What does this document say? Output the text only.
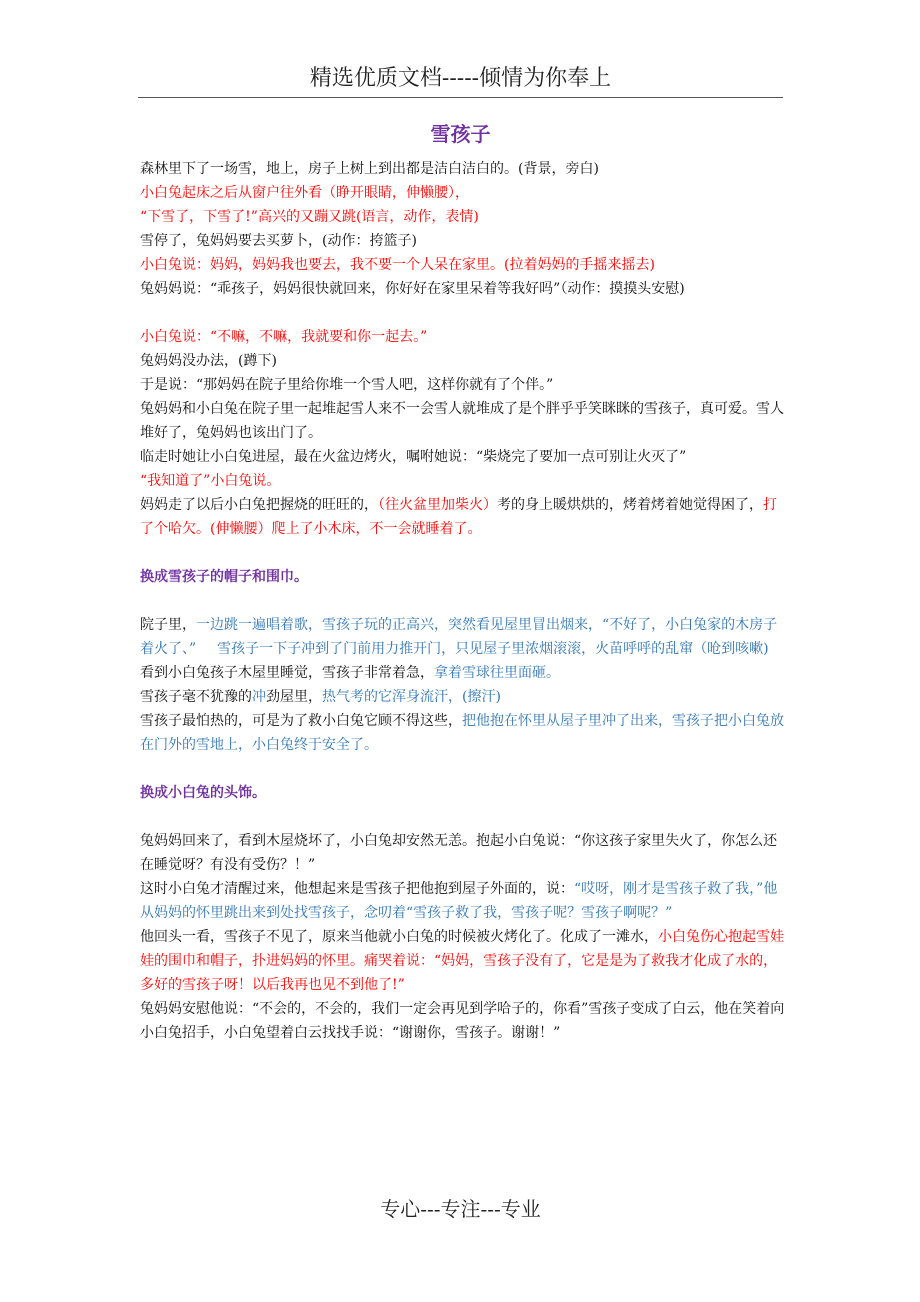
精选优质文档-----倾情为你奉上
雪孩子

森林里下了一场雪，地上，房子上树上到出都是洁白洁白的。(背景，旁白)

小白兔起床之后从窗户往外看（睁开眼睛，伸懒腰），

“下雪了，下雪了!”高兴的又蹦又跳(语言，动作，表情)

雪停了，兔妈妈要去买萝卜，(动作：挎篮子)

小白兔说：妈妈，妈妈我也要去，我不要一个人呆在家里。(拉着妈妈的手摇来摇去)

兔妈妈说：“乖孩子，妈妈很快就回来，你好好在家里呆着等我好吗”（动作：摸摸头安慰)

小白兔说：“不嘛，不嘛，我就要和你一起去。”

兔妈妈没办法，(蹲下)

于是说：“那妈妈在院子里给你堆一个雪人吧，这样你就有了个伴。”

兔妈妈和小白兔在院子里一起堆起雪人来不一会雪人就堆成了是个胖乎乎笑眯眯的雪孩子，真可爱。雪人堆好了，兔妈妈也该出门了。

临走时她让小白兔进屋，最在火盆边烤火，嘱咐她说：“柴烧完了要加一点可别让火灭了”

“我知道了”小白兔说。

妈妈走了以后小白兔把握烧的旺旺的，（往火盆里加柴火）考的身上暖烘烘的，烤着烤着她觉得困了，打了个哈欠。(伸懒腰）爬上了小木床，不一会就睡着了。

换成雪孩子的帽子和围巾。

院子里，一边跳一遍唱着歌，雪孩子玩的正高兴，突然看见屋里冒出烟来，“不好了，小白兔家的木房子着火了、”　  雪孩子一下子冲到了门前用力推开门，只见屋子里浓烟滚滚，火苗呼呼的乱窜（呛到咳嗽)

看到小白兔孩子木屋里睡觉，雪孩子非常着急，拿着雪球往里面砸。

雪孩子毫不犹豫的冲劲屋里，热气考的它浑身流汗，(擦汗)

雪孩子最怕热的，可是为了救小白兔它顾不得这些，把他抱在怀里从屋子里冲了出来，雪孩子把小白兔放在门外的雪地上，小白兔终于安全了。

换成小白兔的头饰。

兔妈妈回来了，看到木屋烧坏了，小白兔却安然无恙。抱起小白兔说：“你这孩子家里失火了，你怎么还在睡觉呀？有没有受伤？！”

这时小白兔才清醒过来，他想起来是雪孩子把他抱到屋子外面的，说：“哎呀，刚才是雪孩子救了我，”他从妈妈的怀里跳出来到处找雪孩子，念叨着“雪孩子救了我，雪孩子呢？雪孩子啊呢？”

他回头一看，雪孩子不见了，原来当他就小白兔的时候被火烤化了。化成了一滩水，小白兔伤心抱起雪娃娃的围巾和帽子，扑进妈妈的怀里。痛哭着说：“妈妈，雪孩子没有了，它是是为了救我才化成了水的，多好的雪孩子呀！以后我再也见不到他了!”

兔妈妈安慰他说：“不会的，不会的，我们一定会再见到学哈子的，你看”雪孩子变成了白云，他在笑着向小白兔招手，小白兔望着白云找找手说：“谢谢你，雪孩子。谢谢！”

专心---专注---专业
